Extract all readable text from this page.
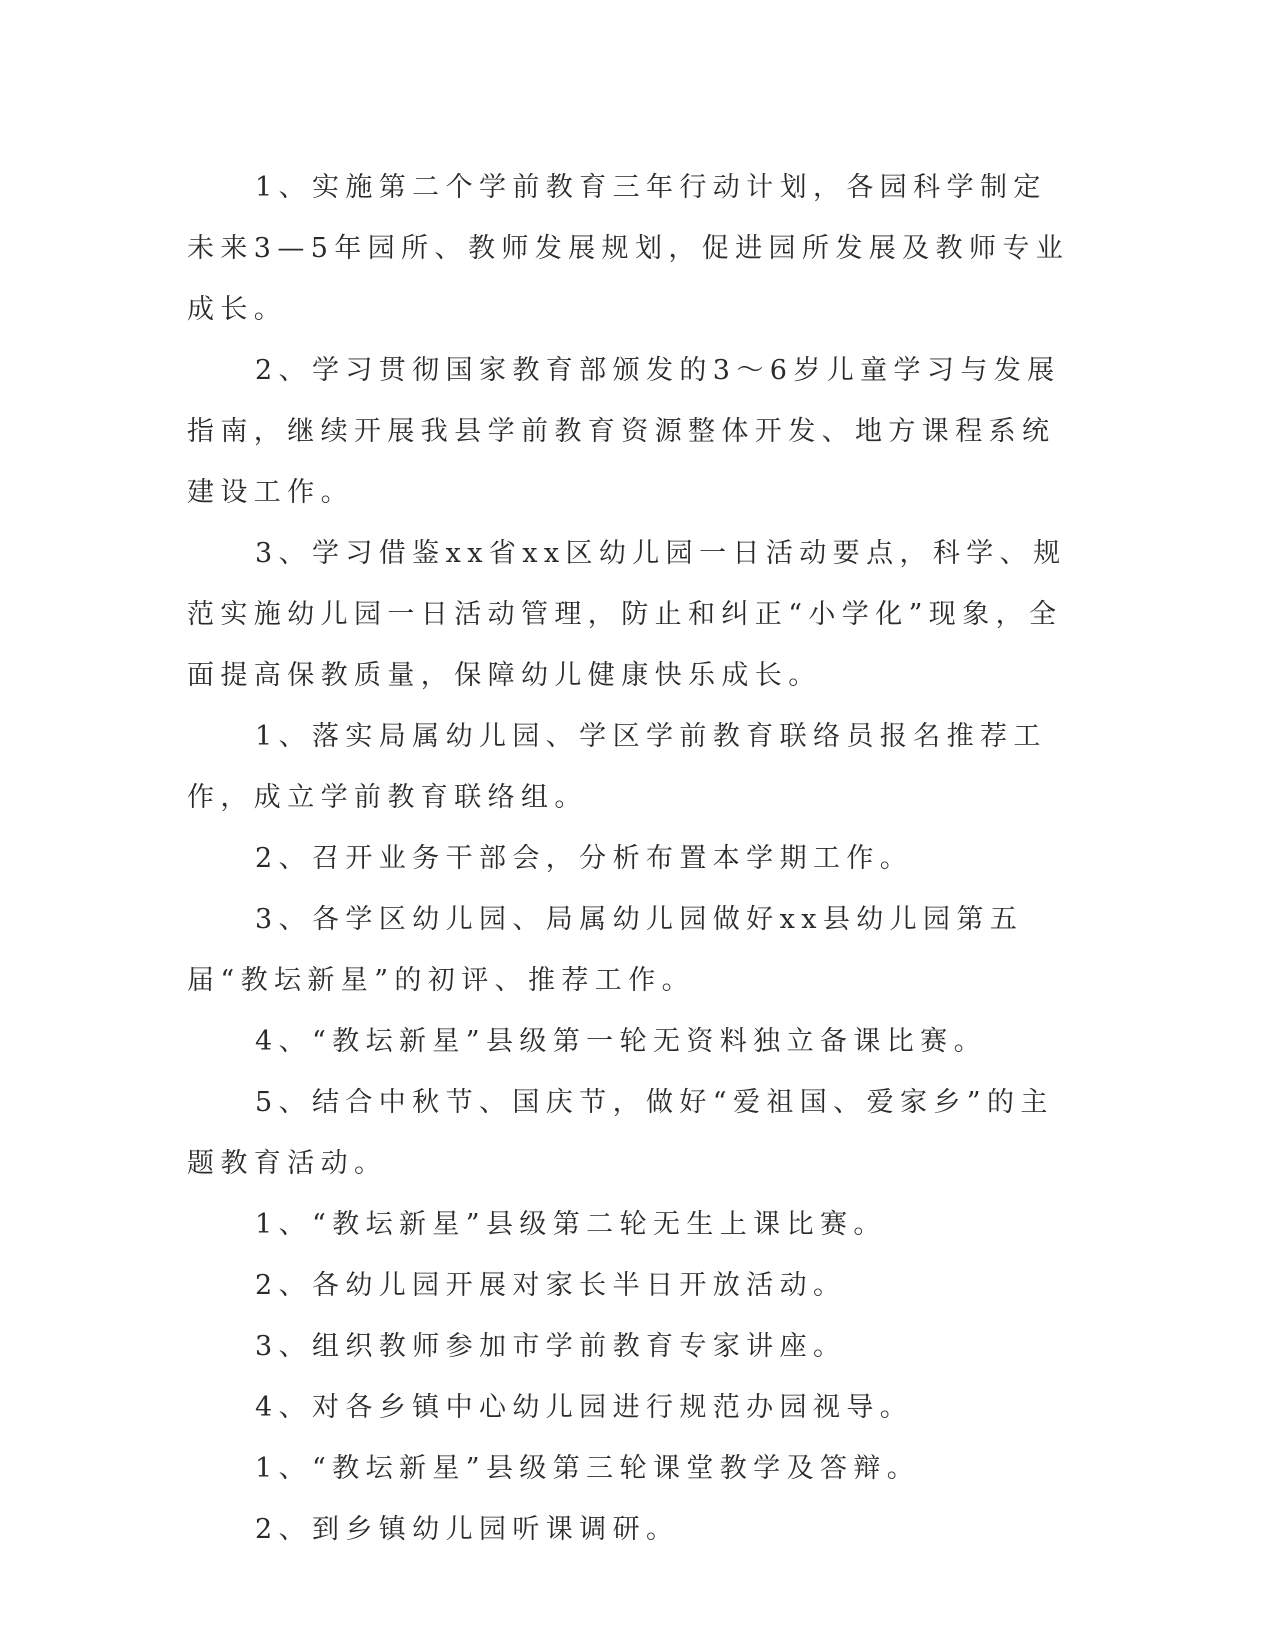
1、实施第二个学前教育三年行动计划，各园科学制定未来3—5年园所、教师发展规划，促进园所发展及教师专业成长。

2、学习贯彻国家教育部颁发的3～6岁儿童学习与发展指南，继续开展我县学前教育资源整体开发、地方课程系统建设工作。

3、学习借鉴xx省xx区幼儿园一日活动要点，科学、规范实施幼儿园一日活动管理，防止和纠正“小学化”现象，全面提高保教质量，保障幼儿健康快乐成长。

1、落实局属幼儿园、学区学前教育联络员报名推荐工作，成立学前教育联络组。

2、召开业务干部会，分析布置本学期工作。

3、各学区幼儿园、局属幼儿园做好xx县幼儿园第五届“教坛新星”的初评、推荐工作。

4、“教坛新星”县级第一轮无资料独立备课比赛。

5、结合中秋节、国庆节，做好“爱祖国、爱家乡”的主题教育活动。

1、“教坛新星”县级第二轮无生上课比赛。

2、各幼儿园开展对家长半日开放活动。

3、组织教师参加市学前教育专家讲座。

4、对各乡镇中心幼儿园进行规范办园视导。

1、“教坛新星”县级第三轮课堂教学及答辩。

2、到乡镇幼儿园听课调研。
